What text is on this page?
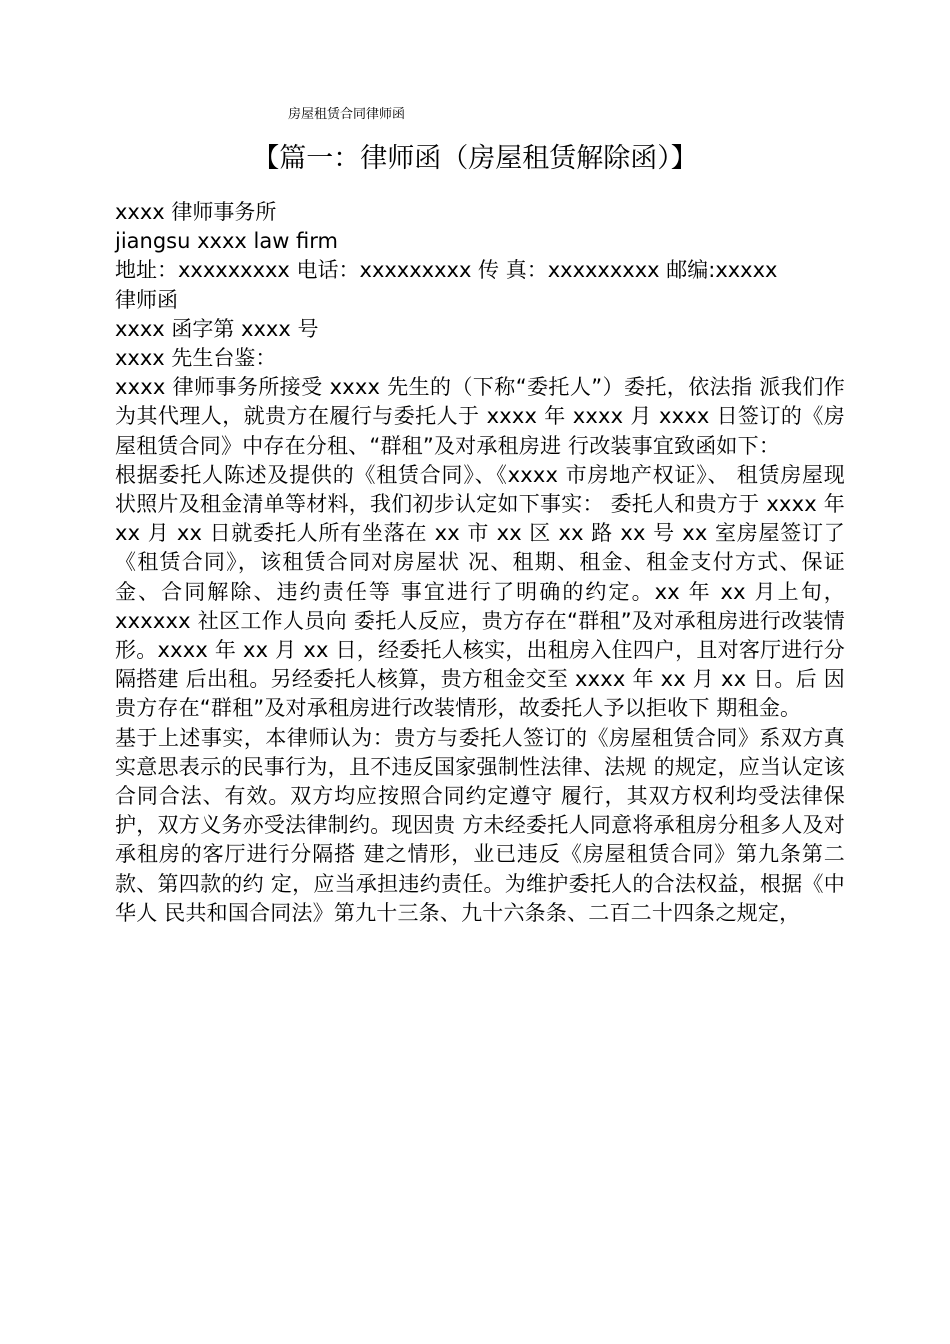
房屋租赁合同律师函
【篇一：律师函（房屋租赁解除函）】
xxxx 律师事务所
jiangsu xxxx law firm
地址：xxxxxxxxx 电话：xxxxxxxxx 传 真：xxxxxxxxx 邮编:xxxxx
律师函
xxxx 函字第 xxxx 号
xxxx 先生台鉴：

xxxx 律师事务所接受 xxxx 先生的（下称“委托人”）委托，依法指 派我们作为其代理人，就贵方在履行与委托人于 xxxx 年 xxxx 月 xxxx 日签订的《房屋租赁合同》中存在分租、“群租”及对承租房进 行改装事宜致函如下：

根据委托人陈述及提供的《租赁合同》、《xxxx 市房地产权证》、 租赁房屋现状照片及租金清单等材料，我们初步认定如下事实： 委托人和贵方于 xxxx 年 xx 月 xx 日就委托人所有坐落在 xx 市 xx 区 xx 路 xx 号 xx 室房屋签订了《租赁合同》，该租赁合同对房屋状 况、租期、租金、租金支付方式、保证金、合同解除、违约责任等 事宜进行了明确的约定。xx 年 xx 月上旬，xxxxxx 社区工作人员向 委托人反应，贵方存在“群租”及对承租房进行改装情形。xxxx 年 xx 月 xx 日，经委托人核实，出租房入住四户，且对客厅进行分隔搭建 后出租。另经委托人核算，贵方租金交至 xxxx 年 xx 月 xx 日。后 因贵方存在“群租”及对承租房进行改装情形，故委托人予以拒收下 期租金。

基于上述事实，本律师认为：贵方与委托人签订的《房屋租赁合同》系双方真实意思表示的民事行为，且不违反国家强制性法律、法规 的规定，应当认定该合同合法、有效。双方均应按照合同约定遵守 履行，其双方权利均受法律保护，双方义务亦受法律制约。现因贵 方未经委托人同意将承租房分租多人及对承租房的客厅进行分隔搭 建之情形，业已违反《房屋租赁合同》第九条第二款、第四款的约 定，应当承担违约责任。为维护委托人的合法权益，根据《中华人 民共和国合同法》第九十三条、九十六条条、二百二十四条之规定，
